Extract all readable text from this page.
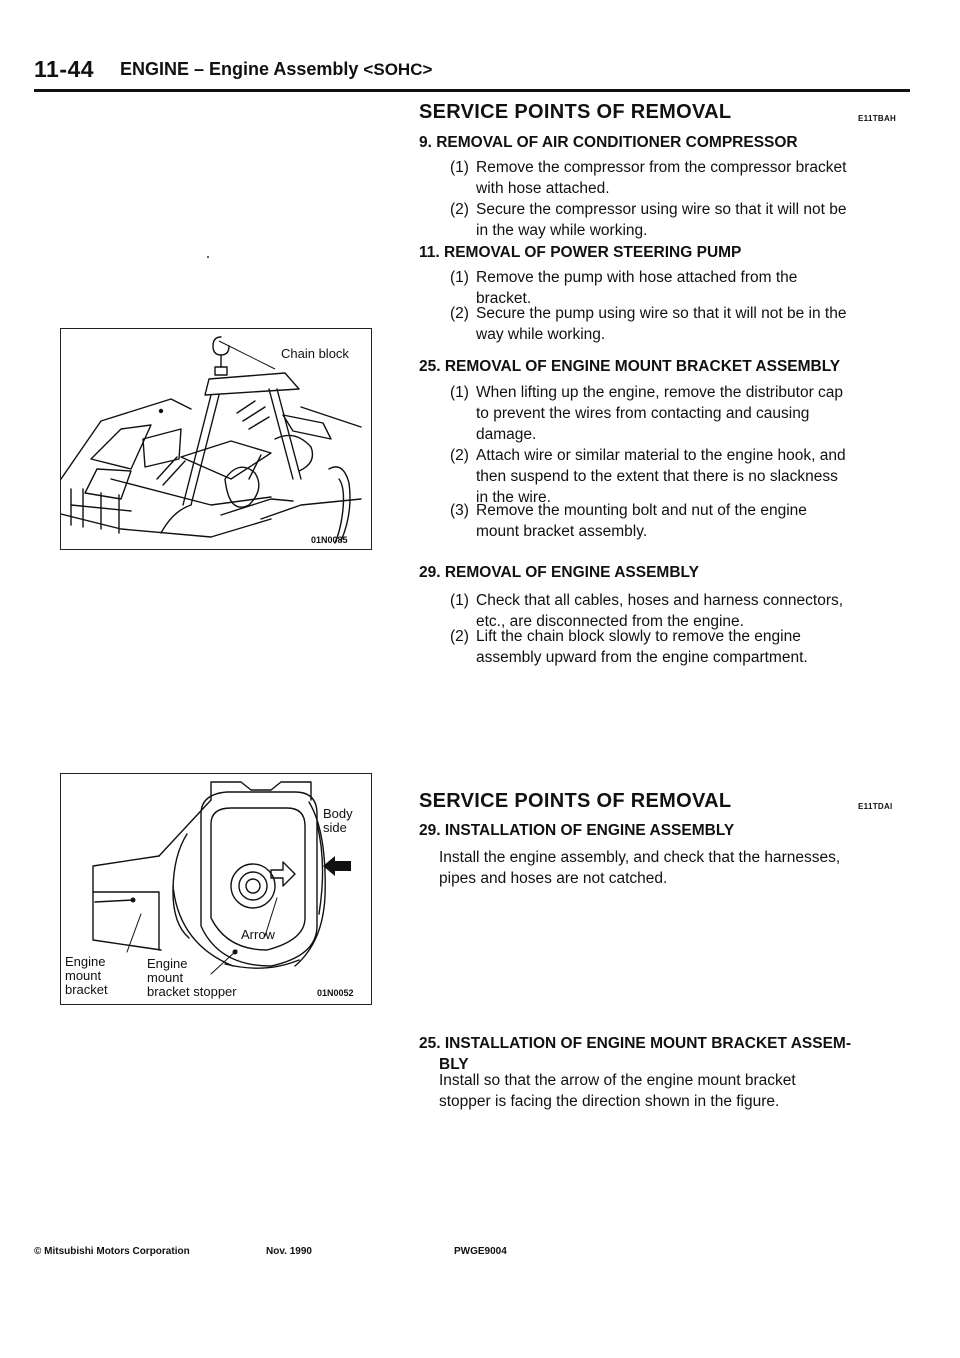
11-44 ENGINE – Engine Assembly <SOHC>
SERVICE POINTS OF REMOVAL	E11TBAH
9. REMOVAL OF AIR CONDITIONER COMPRESSOR
(1) Remove the compressor from the compressor bracket
with hose attached.
(2) Secure the compressor using wire so that it will not be
in the way while working.
11. REMOVAL OF POWER STEERING PUMP
(1) Remove the pump with hose attached from the
bracket.
(2) Secure the pump using wire so that it will not be in the
way while working.
25. REMOVAL OF ENGINE MOUNT BRACKET ASSEMBLY
(1) When lifting up the engine, remove the distributor cap
to prevent the wires from contacting and causing
damage.
(2) Attach wire or similar material to the engine hook, and
then suspend to the extent that there is no slackness
in the wire.
(3) Remove the mounting bolt and nut of the engine
mount bracket assembly.
29. REMOVAL OF ENGINE ASSEMBLY
(1) Check that all cables, hoses and harness connectors,
etc., are disconnected from the engine.
(2) Lift the chain block slowly to remove the engine
assembly upward from the engine compartment.
SERVICE POINTS OF REMOVAL	E11TDAI
29. INSTALLATION OF ENGINE ASSEMBLY
Install the engine assembly, and check that the harnesses,
pipes and hoses are not catched.
25. INSTALLATION OF ENGINE MOUNT BRACKET ASSEM-
BLY
Install so that the arrow of the engine mount bracket
stopper is facing the direction shown in the figure.
Chain block
01N0085
Body
side
Arrow
Engine
mount
bracket
Engine
mount
bracket stopper	01N0052
© Mitsubishi Motors Corporation	Nov. 1990	PWGE9004
